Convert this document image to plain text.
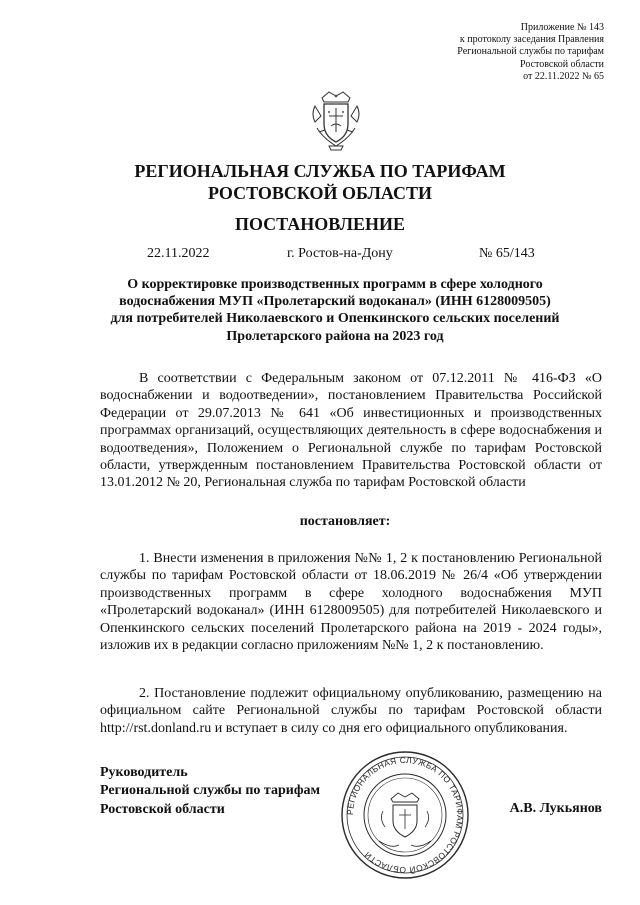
Приложение № 143
к протоколу заседания Правления
Региональной службы по тарифам
Ростовской области
от 22.11.2022 № 65
РЕГИОНАЛЬНАЯ СЛУЖБА ПО ТАРИФАМ
РОСТОВСКОЙ ОБЛАСТИ
ПОСТАНОВЛЕНИЕ
22.11.2022	г. Ростов-на-Дону	№ 65/143
О корректировке производственных программ в сфере холодного
водоснабжения МУП «Пролетарский водоканал» (ИНН 6128009505)
для потребителей Николаевского и Опенкинского сельских поселений
Пролетарского района на 2023 год
В соответствии с Федеральным законом от 07.12.2011 № 416-ФЗ «О водоснабжении и водоотведении», постановлением Правительства Российской Федерации от 29.07.2013 № 641 «Об инвестиционных и производственных программах организаций, осуществляющих деятельность в сфере водоснабжения и водоотведения», Положением о Региональной службе по тарифам Ростовской области, утвержденным постановлением Правительства Ростовской области от 13.01.2012 № 20, Региональная служба по тарифам Ростовской области
постановляет:
1. Внести изменения в приложения №№ 1, 2 к постановлению Региональной службы по тарифам Ростовской области от 18.06.2019 № 26/4 «Об утверждении производственных программ в сфере холодного водоснабжения МУП «Пролетарский водоканал» (ИНН 6128009505) для потребителей Николаевского и Опенкинского сельских поселений Пролетарского района на 2019 - 2024 годы», изложив их в редакции согласно приложениям №№ 1, 2 к постановлению.
2. Постановление подлежит официальному опубликованию, размещению на официальном сайте Региональной службы по тарифам Ростовской области http://rst.donland.ru и вступает в силу со дня его официального опубликования.
РЕГИОНАЛЬНАЯ СЛУЖБА ПО ТАРИФАМ РОСТОВСКОЙ ОБЛАСТИ
Руководитель
Региональной службы по тарифам
Ростовской области	А.В. Лукьянов
